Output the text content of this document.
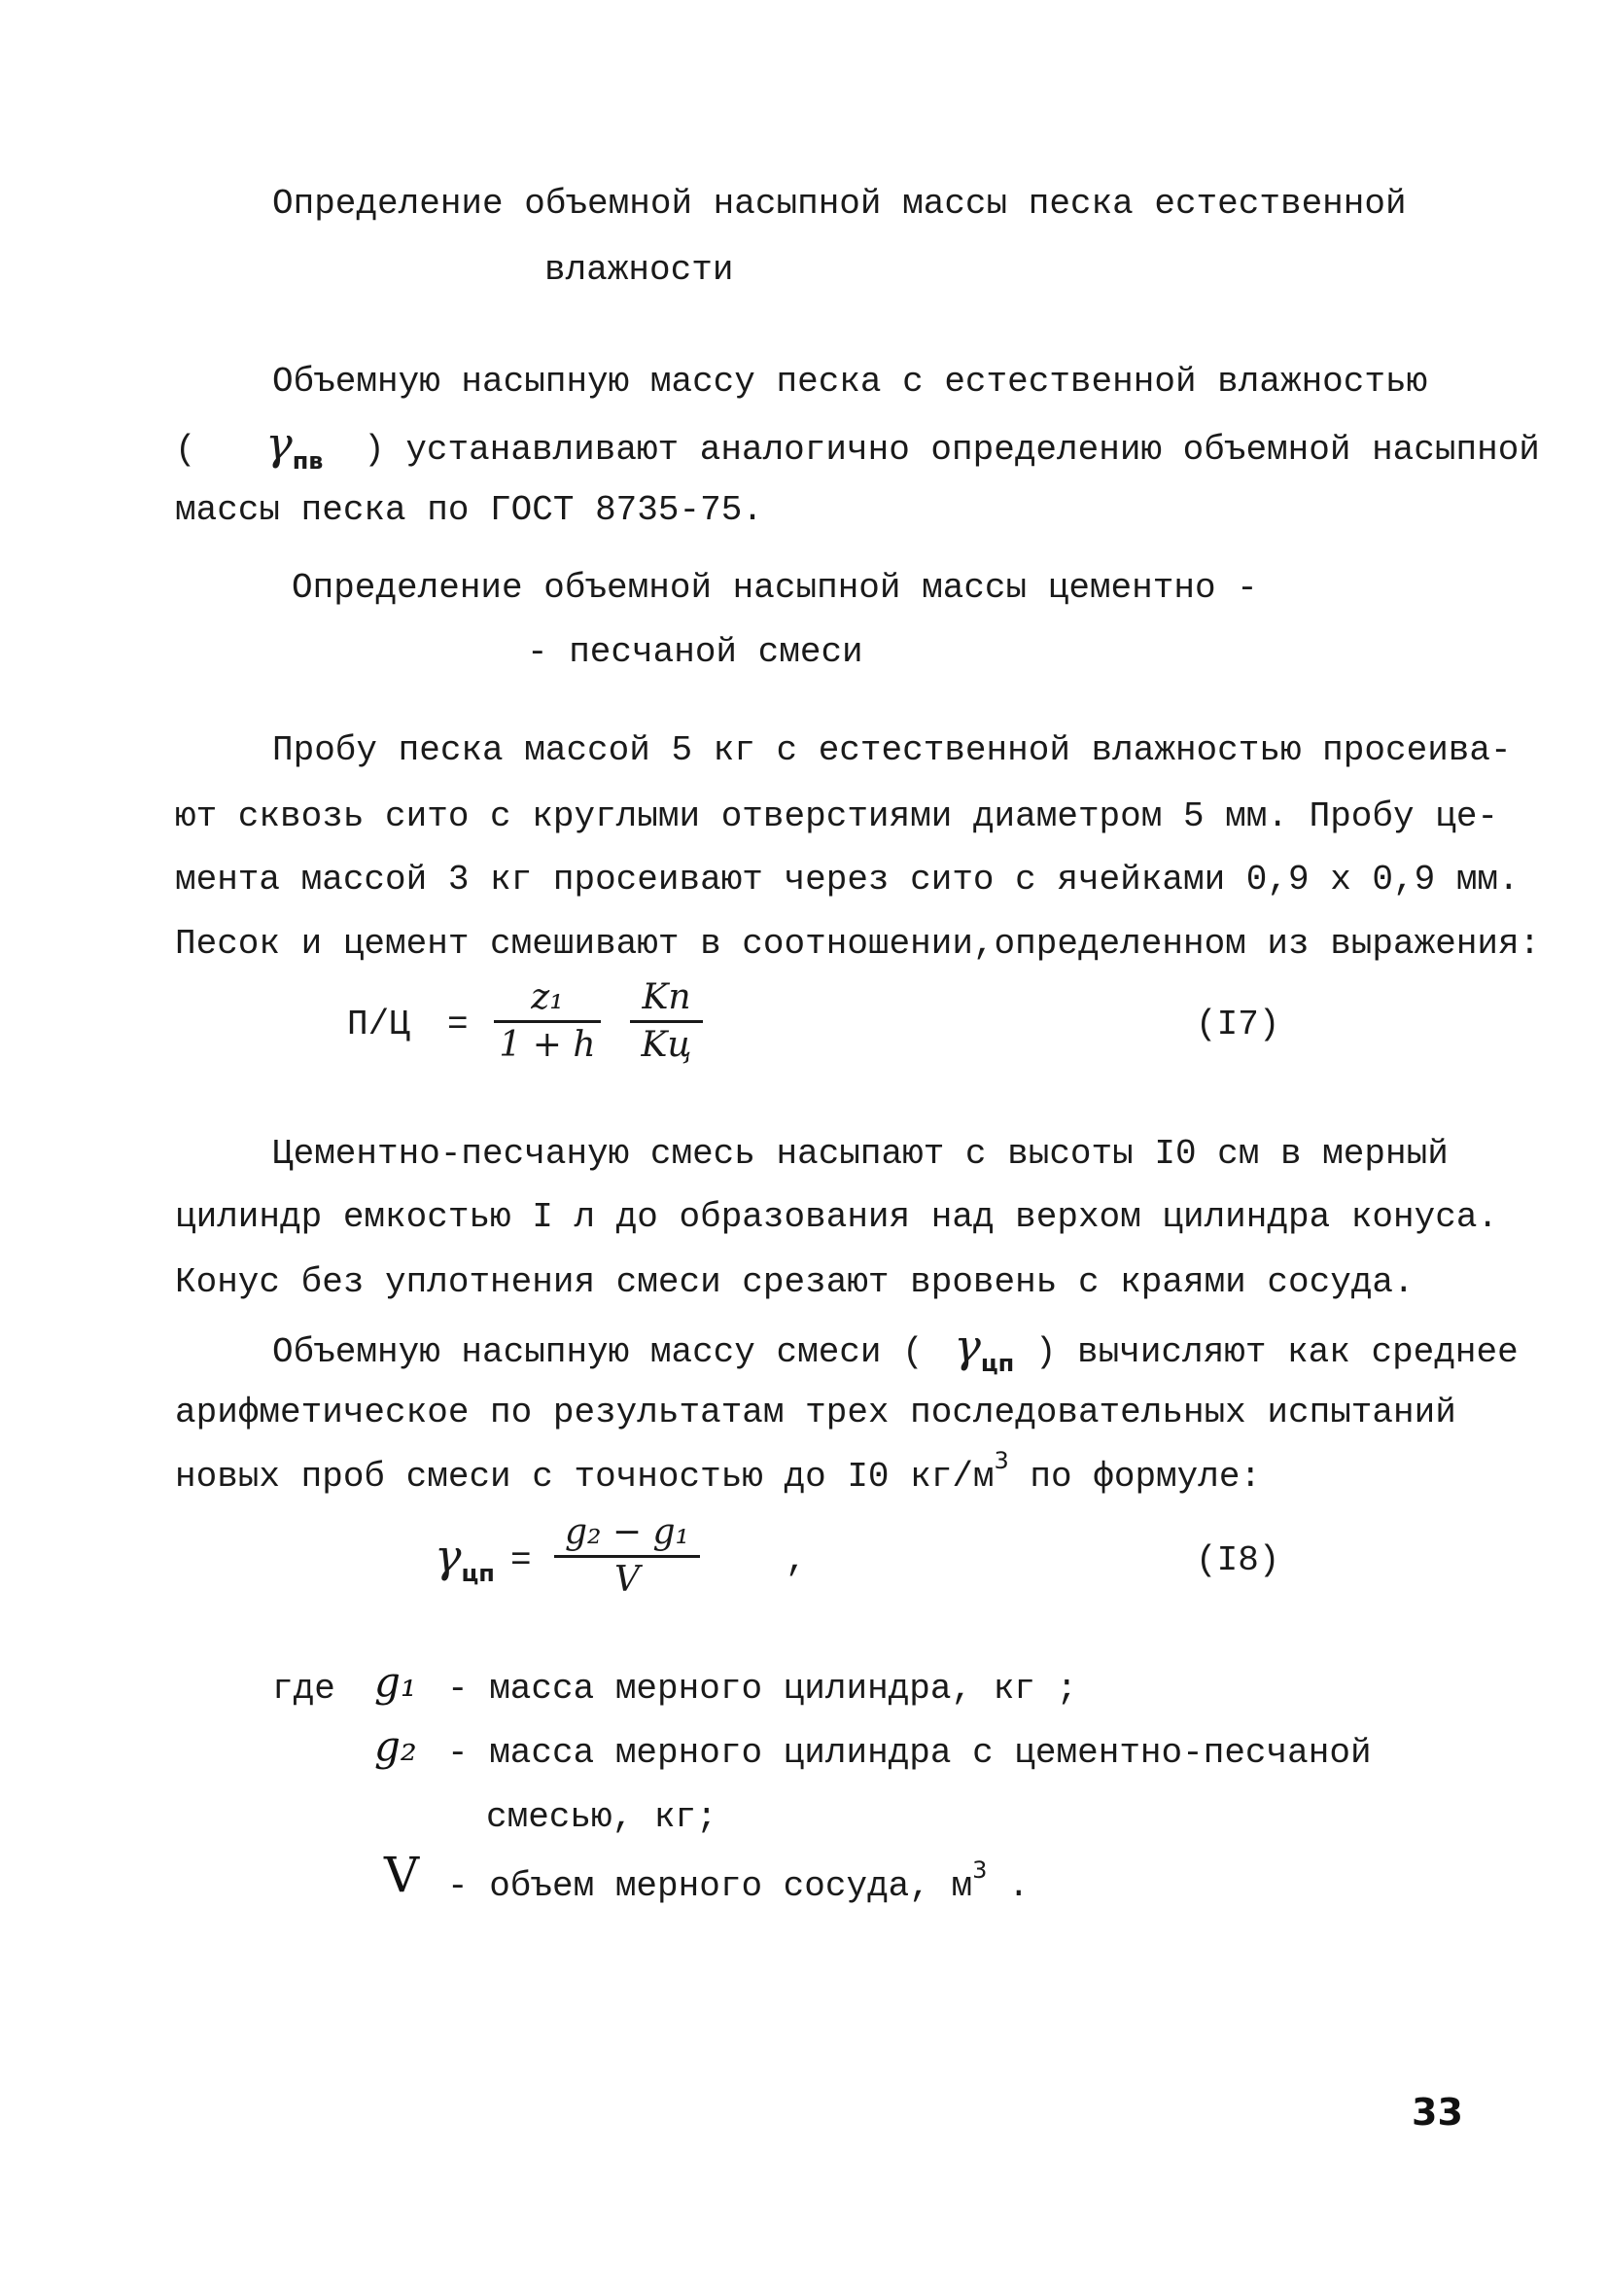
Определение объемной насыпной массы песка естественной
влажности
Объемную насыпную массу песка с естественной влажностью
( $\gamma_{пв}$ ) устанавливают аналогично определению объемной насыпной
массы песка по ГОСТ 8735-75.
Определение объемной насыпной массы цементно -
- песчаной смеси
Пробу песка массой 5 кг с естественной влажностью просеива-
ют сквозь сито с круглыми отверстиями диаметром 5 мм. Пробу це-
мента массой 3 кг просеивают через сито с ячейками 0,9 х 0,9 мм.
Песок и цемент смешивают в соотношении,определенном из выражения:
П/Ц =
z₁
1 + h
Kп
Kц
(I7)
Цементно-песчаную смесь насыпают с высоты I0 см в мерный
цилиндр емкостью I л до образования над верхом цилиндра конуса.
Конус без уплотнения смеси срезают вровень с краями сосуда.
Объемную насыпную массу смеси ( $\gamma_{цп}$ ) вычисляют как среднее
арифметическое по результатам трех последовательных испытаний
новых проб смеси с точностью до I0 $кг/м^3$ по формуле:
$\gamma_{цп}$ =
g₂ − g₁
V	,	(I8)
где g₁ - масса мерного цилиндра, кг ;
g₂ - масса мерного цилиндра с цементно-песчаной
смесью, кг;
V - объем мерного сосуда, $м^3$ .
33
